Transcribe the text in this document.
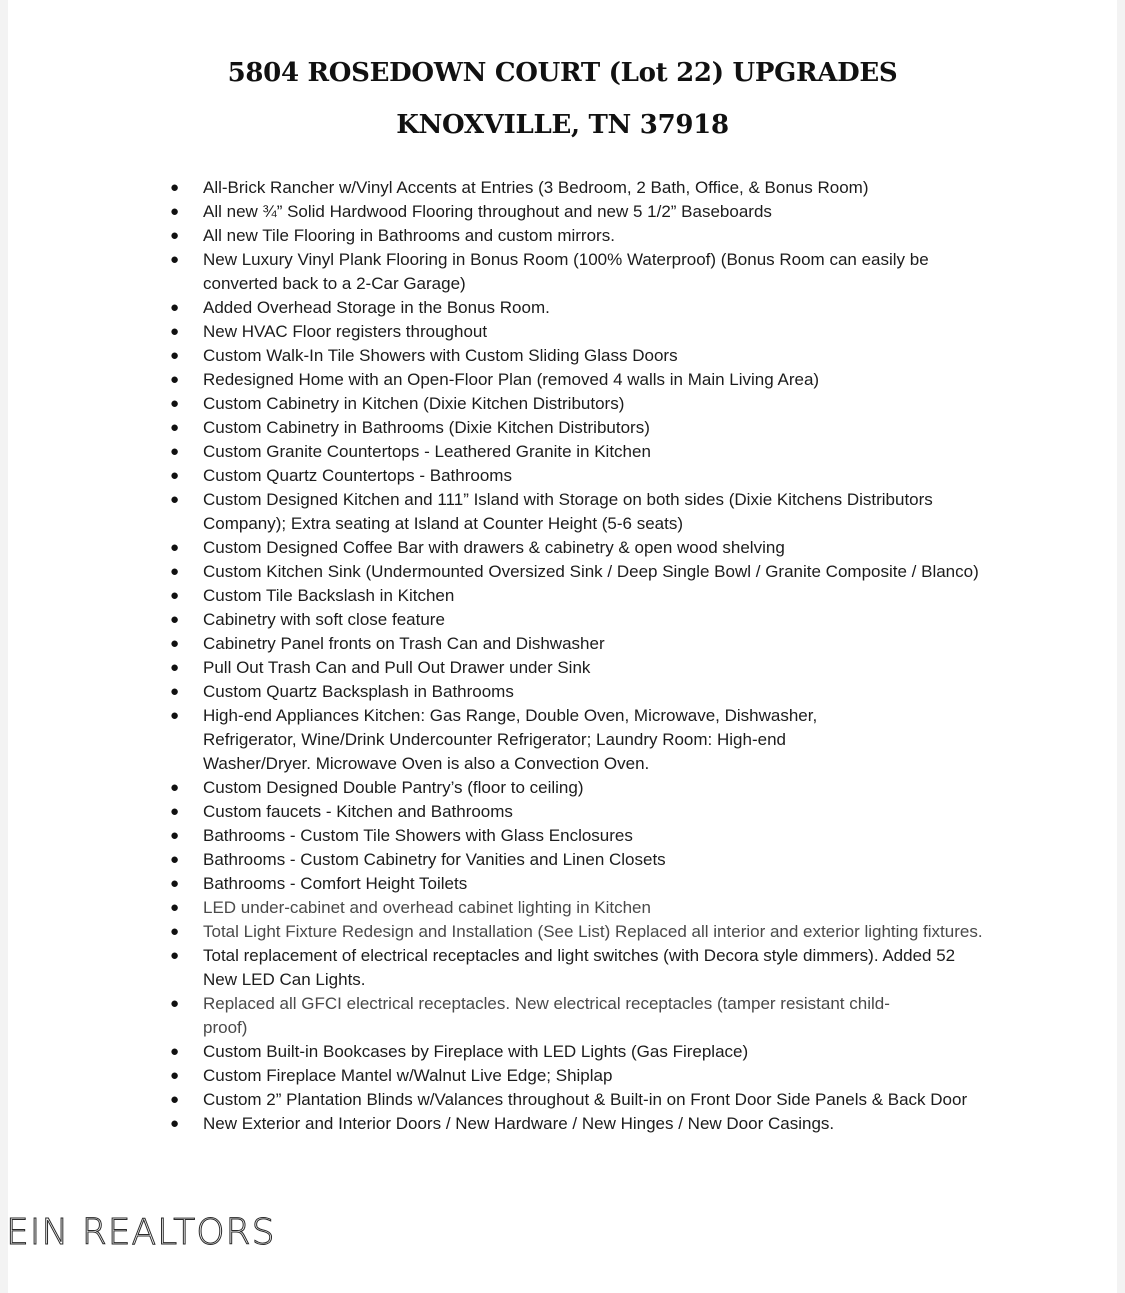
5804 ROSEDOWN COURT (Lot 22) UPGRADES
KNOXVILLE, TN 37918
● All-Brick Rancher w/Vinyl Accents at Entries (3 Bedroom, 2 Bath, Office, & Bonus Room)
● All new ¾” Solid Hardwood Flooring throughout and new 5 1/2” Baseboards
● All new Tile Flooring in Bathrooms and custom mirrors.
● New Luxury Vinyl Plank Flooring in Bonus Room (100% Waterproof) (Bonus Room can easily be converted back to a 2-Car Garage)
● Added Overhead Storage in the Bonus Room.
● New HVAC Floor registers throughout
● Custom Walk-In Tile Showers with Custom Sliding Glass Doors
● Redesigned Home with an Open-Floor Plan (removed 4 walls in Main Living Area)
● Custom Cabinetry in Kitchen (Dixie Kitchen Distributors)
● Custom Cabinetry in Bathrooms (Dixie Kitchen Distributors)
● Custom Granite Countertops - Leathered Granite in Kitchen
● Custom Quartz Countertops - Bathrooms
● Custom Designed Kitchen and 111” Island with Storage on both sides (Dixie Kitchens Distributors Company); Extra seating at Island at Counter Height (5-6 seats)
● Custom Designed Coffee Bar with drawers & cabinetry & open wood shelving
● Custom Kitchen Sink (Undermounted Oversized Sink / Deep Single Bowl / Granite Composite / Blanco)
● Custom Tile Backslash in Kitchen
● Cabinetry with soft close feature
● Cabinetry Panel fronts on Trash Can and Dishwasher
● Pull Out Trash Can and Pull Out Drawer under Sink
● Custom Quartz Backsplash in Bathrooms
● High-end Appliances Kitchen: Gas Range, Double Oven, Microwave, Dishwasher, Refrigerator, Wine/Drink Undercounter Refrigerator; Laundry Room: High-end Washer/Dryer. Microwave Oven is also a Convection Oven.
● Custom Designed Double Pantry’s (floor to ceiling)
● Custom faucets - Kitchen and Bathrooms
● Bathrooms - Custom Tile Showers with Glass Enclosures
● Bathrooms - Custom Cabinetry for Vanities and Linen Closets
● Bathrooms - Comfort Height Toilets
● LED under-cabinet and overhead cabinet lighting in Kitchen
● Total Light Fixture Redesign and Installation (See List) Replaced all interior and exterior lighting fixtures.
● Total replacement of electrical receptacles and light switches (with Decora style dimmers). Added 52 New LED Can Lights.
● Replaced all GFCI electrical receptacles. New electrical receptacles (tamper resistant child-proof)
● Custom Built-in Bookcases by Fireplace with LED Lights (Gas Fireplace)
● Custom Fireplace Mantel w/Walnut Live Edge; Shiplap
● Custom 2” Plantation Blinds w/Valances throughout & Built-in on Front Door Side Panels & Back Door
● New Exterior and Interior Doors / New Hardware / New Hinges / New Door Casings.
EIN REALTORS
